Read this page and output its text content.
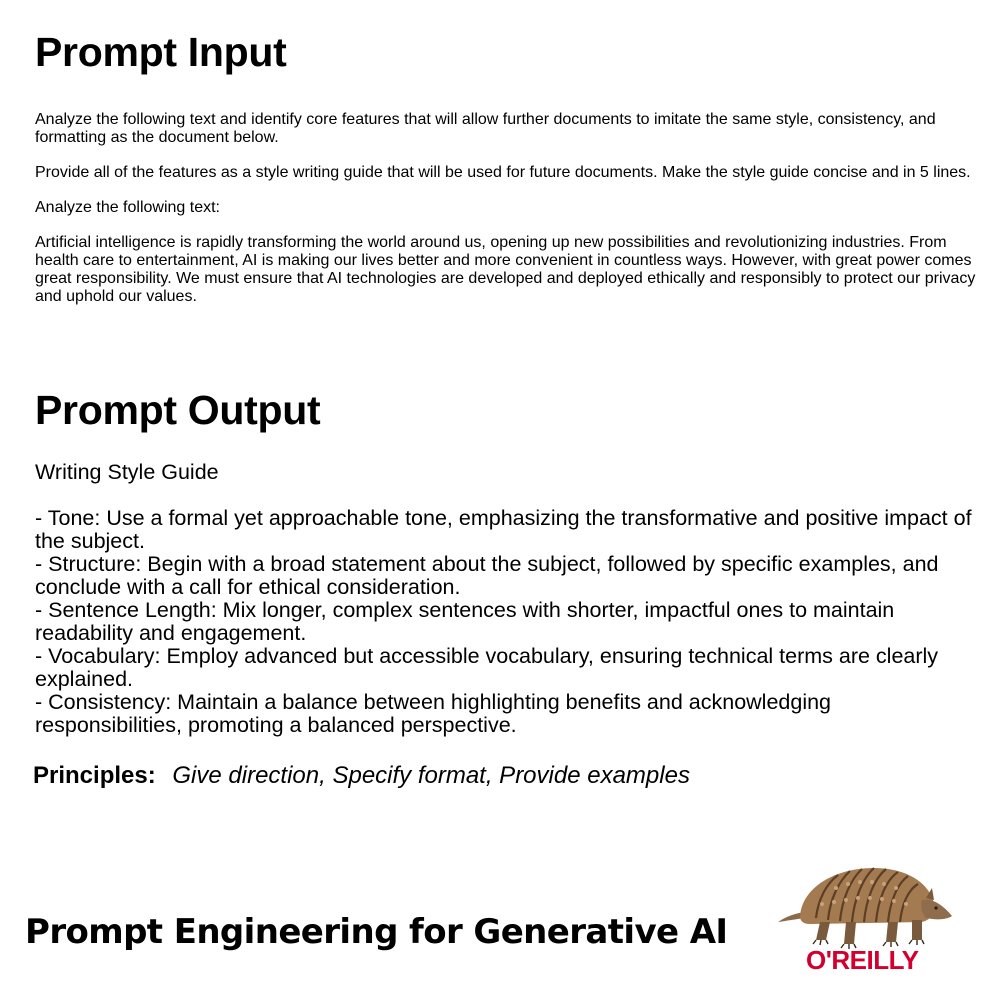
Prompt Input

Analyze the following text and identify core features that will allow further documents to imitate the same style, consistency, and formatting as the document below.

Provide all of the features as a style writing guide that will be used for future documents. Make the style guide concise and in 5 lines.

Analyze the following text:

Artificial intelligence is rapidly transforming the world around us, opening up new possibilities and revolutionizing industries. From health care to entertainment, AI is making our lives better and more convenient in countless ways. However, with great power comes great responsibility. We must ensure that AI technologies are developed and deployed ethically and responsibly to protect our privacy and uphold our values.

Prompt Output

Writing Style Guide

- Tone: Use a formal yet approachable tone, emphasizing the transformative and positive impact of the subject.

- Structure: Begin with a broad statement about the subject, followed by specific examples, and conclude with a call for ethical consideration.

- Sentence Length: Mix longer, complex sentences with shorter, impactful ones to maintain readability and engagement.

- Vocabulary: Employ advanced but accessible vocabulary, ensuring technical terms are clearly explained.

- Consistency: Maintain a balance between highlighting benefits and acknowledging responsibilities, promoting a balanced perspective.

Principles: Give direction, Specify format, Provide examples
Prompt Engineering for Generative AI
O'REILLY
